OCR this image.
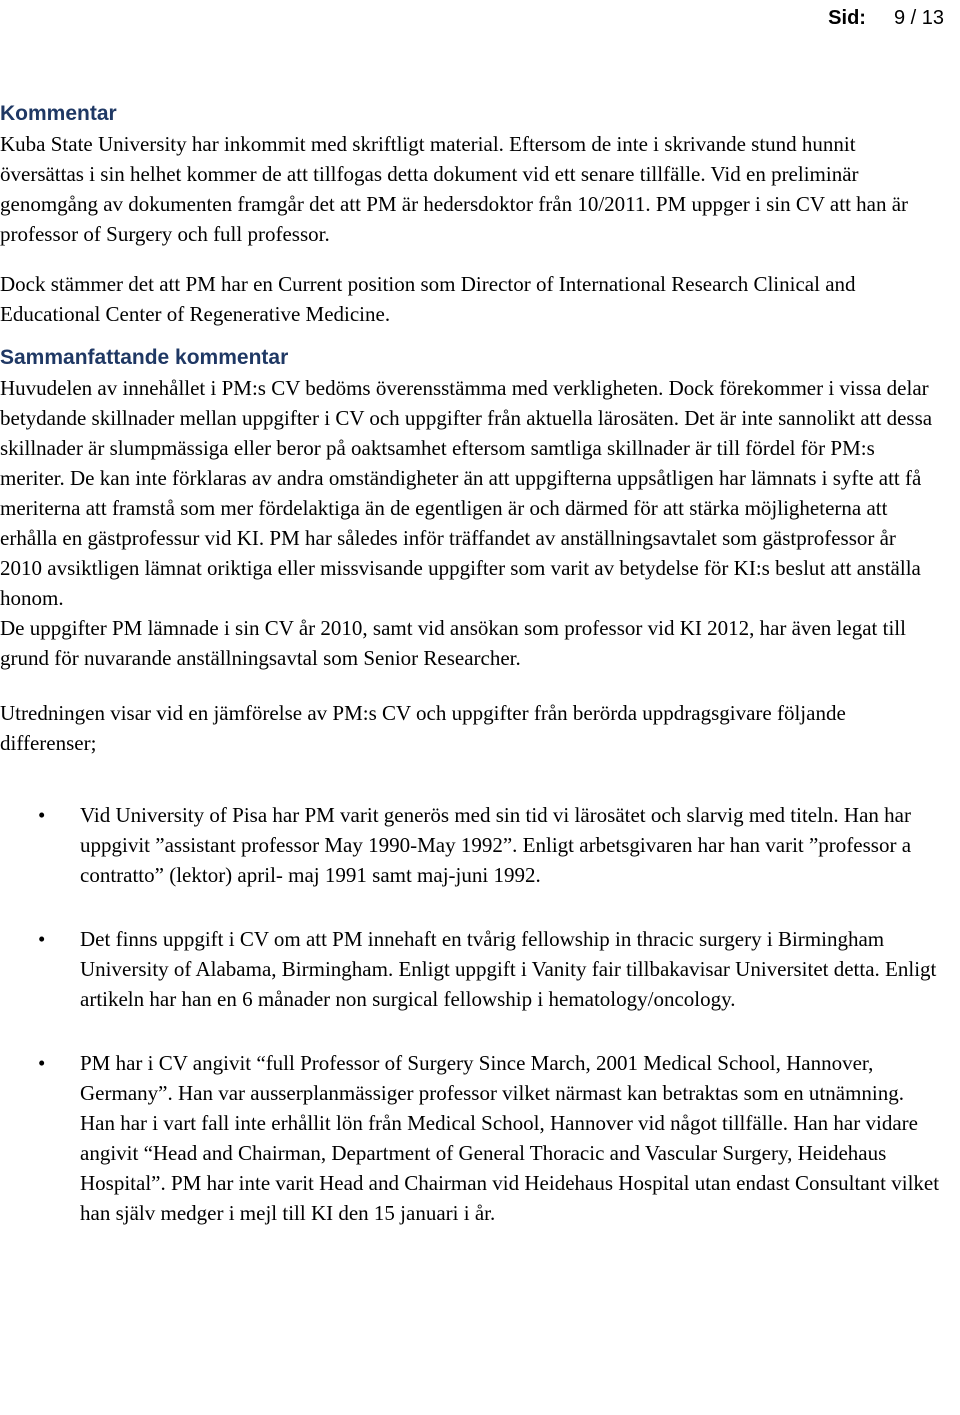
Sid: 9 / 13
Kommentar

Kuba State University har inkommit med skriftligt material. Eftersom de inte i skrivande stund hunnit översättas i sin helhet kommer de att tillfogas detta dokument vid ett senare tillfälle. Vid en preliminär genomgång av dokumenten framgår det att PM är hedersdoktor från 10/2011. PM uppger i sin CV att han är professor of Surgery och full professor.

Dock stämmer det att PM har en Current position som Director of International Research Clinical and Educational Center of Regenerative Medicine.

Sammanfattande kommentar

Huvudelen av innehållet i PM:s CV bedöms överensstämma med verkligheten. Dock förekommer i vissa delar betydande skillnader mellan uppgifter i CV och uppgifter från aktuella lärosäten. Det är inte sannolikt att dessa skillnader är slumpmässiga eller beror på oaktsamhet eftersom samtliga skillnader är till fördel för PM:s meriter. De kan inte förklaras av andra omständigheter än att uppgifterna uppsåtligen har lämnats i syfte att få meriterna att framstå som mer fördelaktiga än de egentligen är och därmed för att stärka möjligheterna att erhålla en gästprofessur vid KI. PM har således inför träffandet av anställningsavtalet som gästprofessor år 2010 avsiktligen lämnat oriktiga eller missvisande uppgifter som varit av betydelse för KI:s beslut att anställa honom.

De uppgifter PM lämnade i sin CV år 2010, samt vid ansökan som professor vid KI 2012, har även legat till grund för nuvarande anställningsavtal som Senior Researcher.

Utredningen visar vid en jämförelse av PM:s CV och uppgifter från berörda uppdragsgivare följande differenser;

• Vid University of Pisa har PM varit generös med sin tid vi lärosätet och slarvig med titeln. Han har uppgivit ”assistant professor May 1990-May 1992”. Enligt arbetsgivaren har han varit ”professor a contratto” (lektor) april- maj 1991 samt maj-juni 1992.
• Det finns uppgift i CV om att PM innehaft en tvårig fellowship in thracic surgery i Birmingham University of Alabama, Birmingham. Enligt uppgift i Vanity fair tillbakavisar Universitet detta. Enligt artikeln har han en 6 månader non surgical fellowship i hematology/oncology.
• PM har i CV angivit “full Professor of Surgery Since March, 2001 Medical School, Hannover, Germany”. Han var ausserplanmässiger professor vilket närmast kan betraktas som en utnämning. Han har i vart fall inte erhållit lön från Medical School, Hannover vid något tillfälle. Han har vidare angivit “Head and Chairman, Department of General Thoracic and Vascular Surgery, Heidehaus Hospital”. PM har inte varit Head and Chairman vid Heidehaus Hospital utan endast Consultant vilket han själv medger i mejl till KI den 15 januari i år.
